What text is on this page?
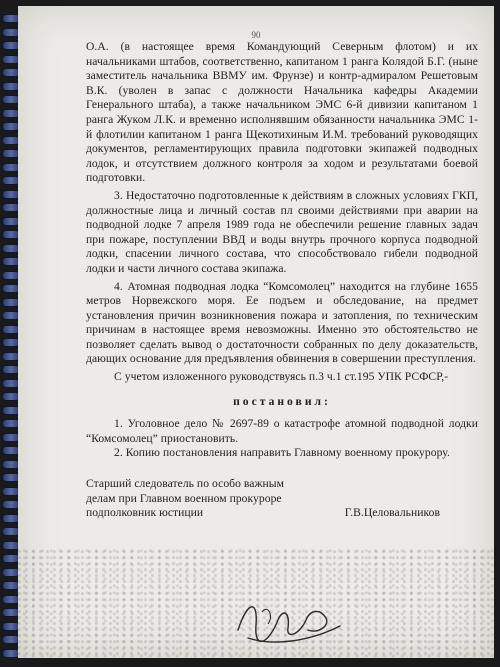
90

О.А. (в настоящее время Командующий Северным флотом) и их начальниками штабов, соответственно, капитаном 1 ранга Колядой Б.Г. (ныне заместитель начальника ВВМУ им. Фрунзе) и контр-адмиралом Решетовым В.К. (уволен в запас с должности Начальника кафедры Академии Генерального штаба), а также начальником ЭМС 6-й дивизии капитаном 1 ранга Жуком Л.К. и временно исполнявшим обязанности начальника ЭМС 1-й флотилии капитаном 1 ранга Щекотихиным И.М. требований руководящих документов, регламентирующих правила подготовки экипажей подводных лодок, и отсутствием должного контроля за ходом и результатами боевой подготовки.

3. Недостаточно подготовленные к действиям в сложных условиях ГКП, должностные лица и личный состав пл своими действиями при аварии на подводной лодке 7 апреля 1989 года не обеспечили решение главных задач при пожаре, поступлении ВВД и воды внутрь прочного корпуса подводной лодки, спасении личного состава, что способствовало гибели подводной лодки и части личного состава экипажа.

4. Атомная подводная лодка “Комсомолец” находится на глубине 1655 метров Норвежского моря. Ее подъем и обследование, на предмет установления причин возникновения пожара и затопления, по техническим причинам в настоящее время невозможны. Именно это обстоятельство не позволяет сделать вывод о достаточности собранных по делу доказательств, дающих основание для предъявления обвинения в совершении преступления.

С учетом изложенного руководствуясь п.3 ч.1 ст.195 УПК РСФСР,-

постановил:

1. Уголовное дело № 2697-89 о катастрофе атомной подводной лодки “Комсомолец” приостановить.

2. Копию постановления направить Главному военному прокурору.

Старший следователь по особо важным

делам при Главном военном прокуроре

подполковник юстиции	Г.В.Целовальников
